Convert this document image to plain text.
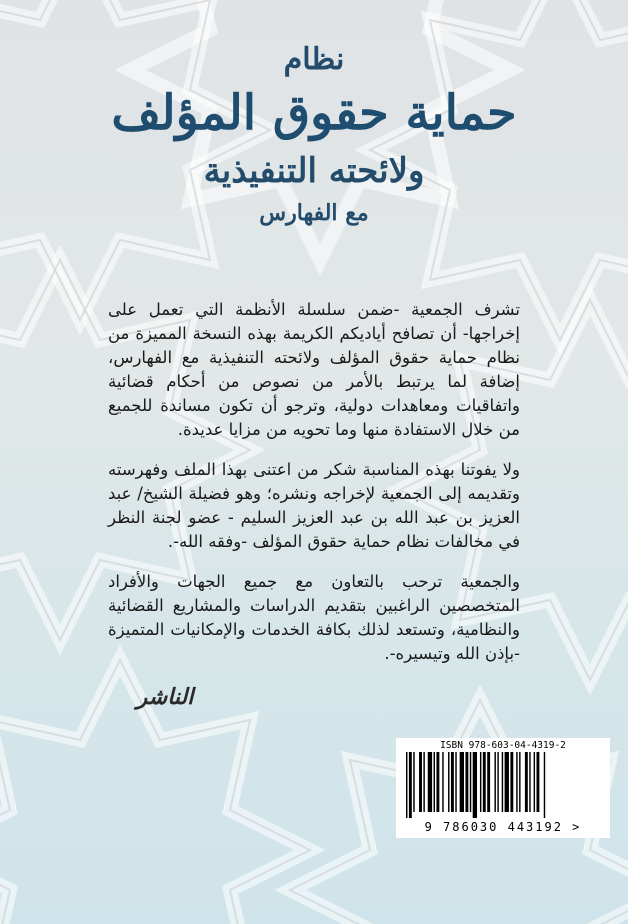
نظام
حماية حقوق المؤلف
ولائحته التنفيذية
مع الفهارس

تشرف الجمعية -ضمن سلسلة الأنظمة التي تعمل على إخراجها- أن تصافح أياديكم الكريمة بهذه النسخة المميزة من نظام حماية حقوق المؤلف ولائحته التنفيذية مع الفهارس، إضافة لما يرتبط بالأمر من نصوص من أحكام قضائية واتفاقيات ومعاهدات دولية، وترجو أن تكون مساندة للجميع من خلال الاستفادة منها وما تحويه من مزايا عديدة.

ولا يفوتنا بهذه المناسبة شكر من اعتنى بهذا الملف وفهرسته وتقديمه إلى الجمعية لإخراجه ونشره؛ وهو فضيلة الشيخ/ عبد العزيز بن عبد الله بن عبد العزيز السليم - عضو لجنة النظر في مخالفات نظام حماية حقوق المؤلف -وفقه الله-.

والجمعية ترحب بالتعاون مع جميع الجهات والأفراد المتخصصين الراغبين بتقديم الدراسات والمشاريع القضائية والنظامية، وتستعد لذلك بكافة الخدمات والإمكانيات المتميزة -بإذن الله وتيسيره-.

الناشر
ISBN 978-603-04-4319-2
9 786030 443192 >
